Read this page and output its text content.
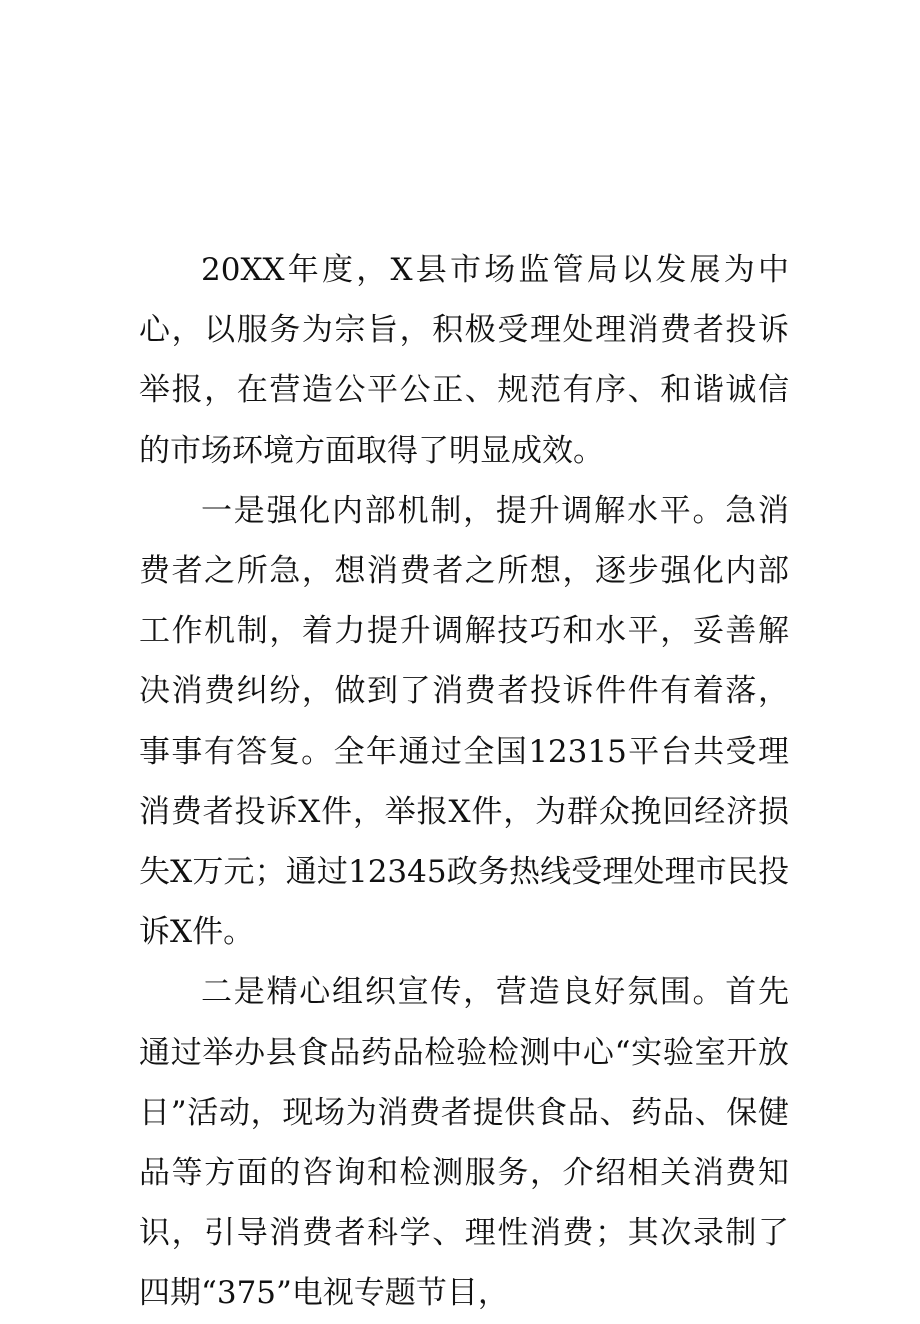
20XX年度，X县市场监管局以发展为中心，以服务为宗旨，积极受理处理消费者投诉举报，在营造公平公正、规范有序、和谐诚信的市场环境方面取得了明显成效。

一是强化内部机制，提升调解水平。急消费者之所急，想消费者之所想，逐步强化内部工作机制，着力提升调解技巧和水平，妥善解决消费纠纷，做到了消费者投诉件件有着落，事事有答复。全年通过全国12315平台共受理消费者投诉X件，举报X件，为群众挽回经济损失X万元；通过12345政务热线受理处理市民投诉X件。

二是精心组织宣传，营造良好氛围。首先通过举办县食品药品检验检测中心“实验室开放日”活动，现场为消费者提供食品、药品、保健品等方面的咨询和检测服务，介绍相关消费知识，引导消费者科学、理性消费；其次录制了四期“375”电视专题节目，
